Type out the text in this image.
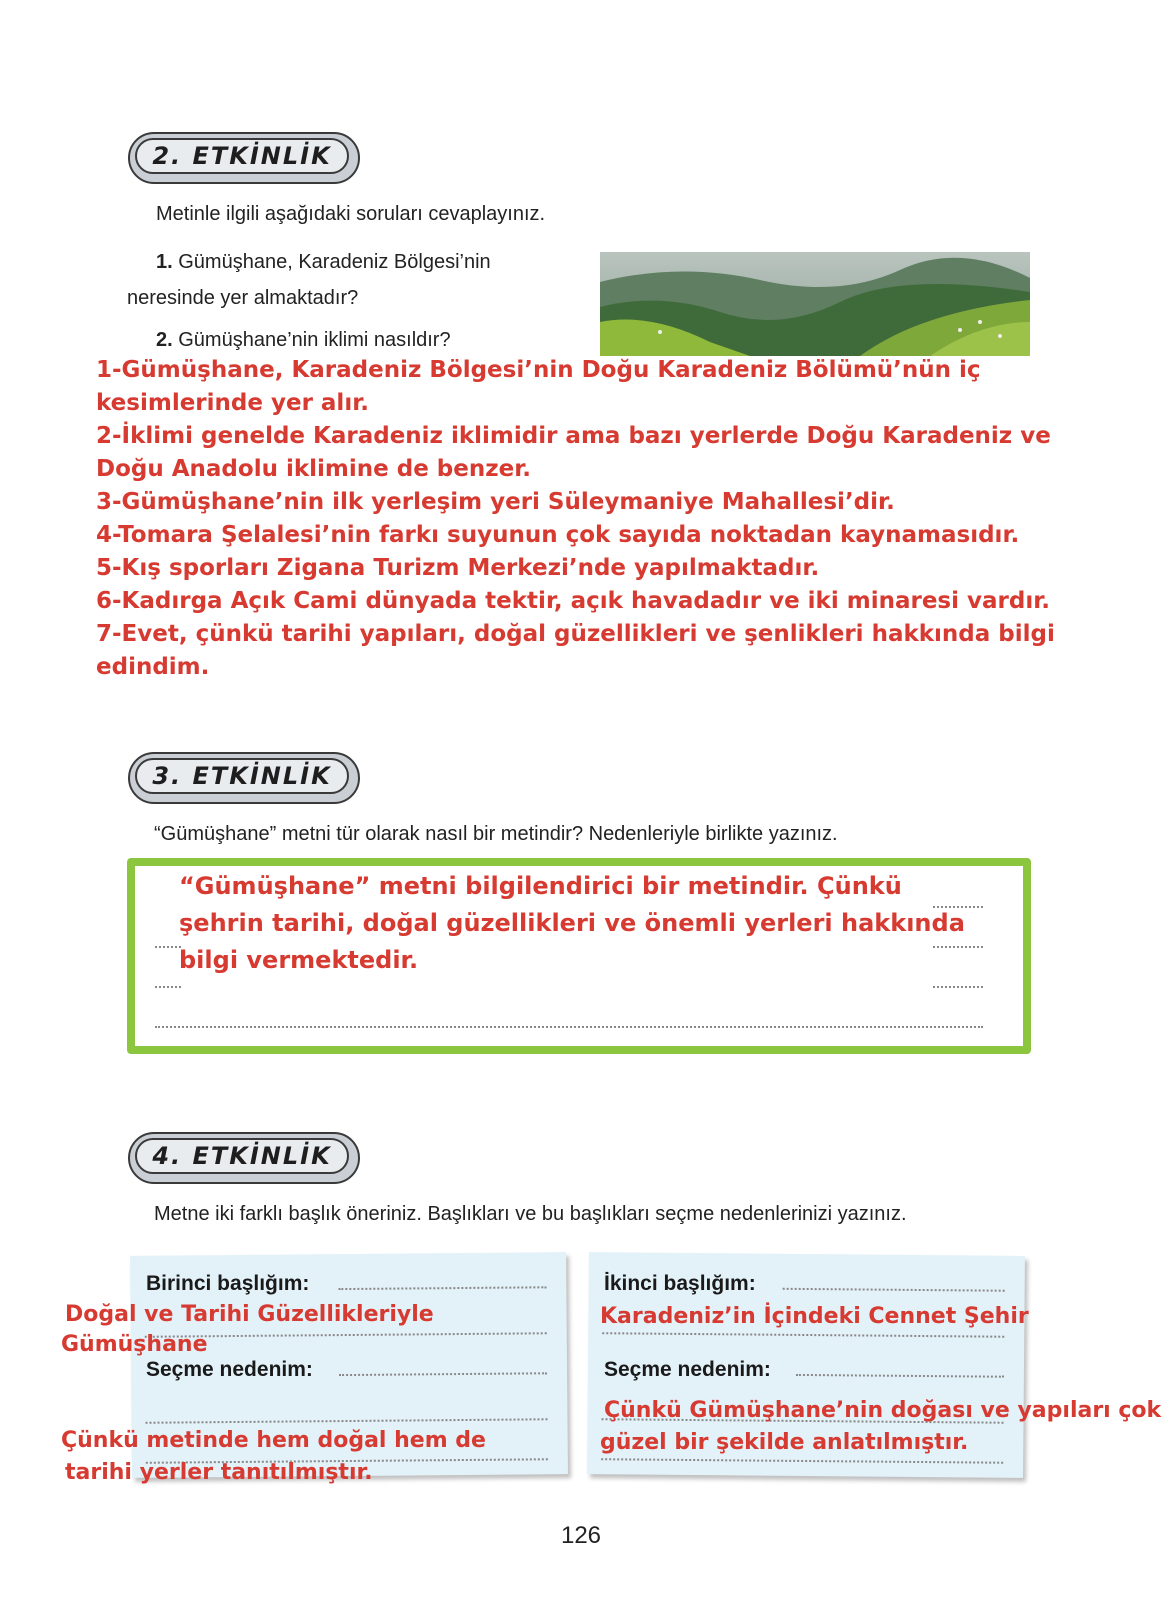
2. ETKİNLİK
Metinle ilgili aşağıdaki soruları cevaplayınız.
1. Gümüşhane, Karadeniz Bölgesi’nin
neresinde yer almaktadır?
2. Gümüşhane’nin iklimi nasıldır?
1-Gümüşhane, Karadeniz Bölgesi’nin Doğu Karadeniz Bölümü’nün iç
kesimlerinde yer alır.
2-İklimi genelde Karadeniz iklimidir ama bazı yerlerde Doğu Karadeniz ve
Doğu Anadolu iklimine de benzer.
3-Gümüşhane’nin ilk yerleşim yeri Süleymaniye Mahallesi’dir.
4-Tomara Şelalesi’nin farkı suyunun çok sayıda noktadan kaynamasıdır.
5-Kış sporları Zigana Turizm Merkezi’nde yapılmaktadır.
6-Kadırga Açık Cami dünyada tektir, açık havadadır ve iki minaresi vardır.
7-Evet, çünkü tarihi yapıları, doğal güzellikleri ve şenlikleri hakkında bilgi
edindim.
3. ETKİNLİK
“Gümüşhane” metni tür olarak nasıl bir metindir? Nedenleriyle birlikte yazınız.
“Gümüşhane” metni bilgilendirici bir metindir. Çünkü
şehrin tarihi, doğal güzellikleri ve önemli yerleri hakkında
bilgi vermektedir.
4. ETKİNLİK
Metne iki farklı başlık öneriniz. Başlıkları ve bu başlıkları seçme nedenlerinizi yazınız.
Birinci başlığım:
Doğal ve Tarihi Güzellikleriyle
Gümüşhane
Seçme nedenim:
Çünkü metinde hem doğal hem de
tarihi yerler tanıtılmıştır.
İkinci başlığım:
Karadeniz’in İçindeki Cennet Şehir
Seçme nedenim:
Çünkü Gümüşhane’nin doğası ve yapıları çok
güzel bir şekilde anlatılmıştır.
126
